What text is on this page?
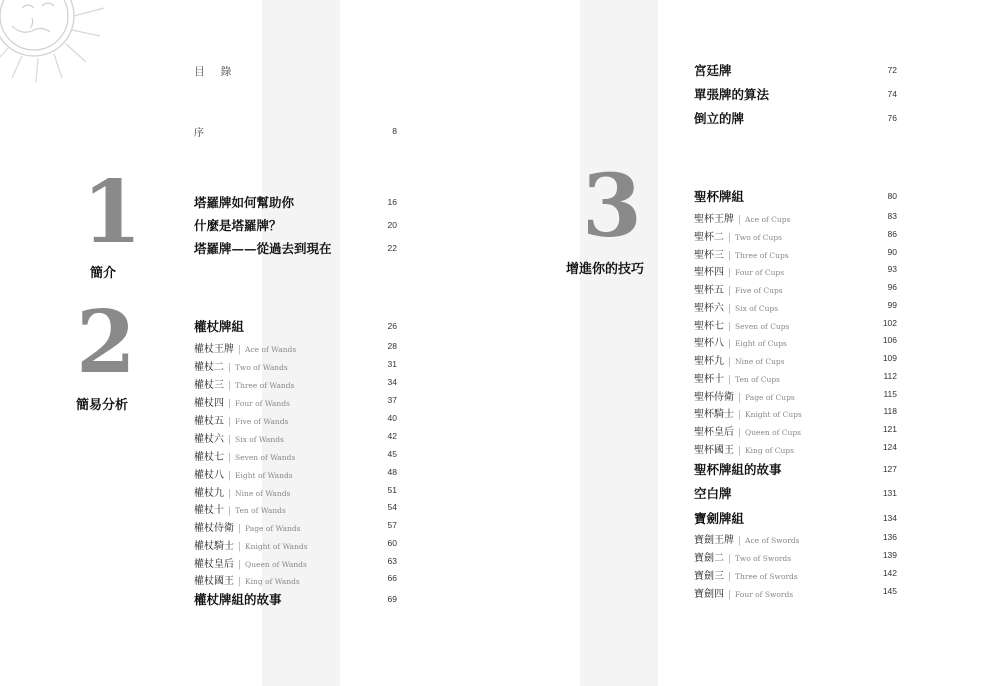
目 錄
序	8
1
簡介
2
簡易分析
3
增進你的技巧
塔羅牌如何幫助你	16
什麼是塔羅牌？	20
塔羅牌——從過去到現在	22
權杖牌組	26
權杖王牌 | Ace of Wands	28
權杖二 | Two of Wands	31
權杖三 | Three of Wands	34
權杖四 | Four of Wands	37
權杖五 | Five of Wands	40
權杖六 | Six of Wands	42
權杖七 | Seven of Wands	45
權杖八 | Eight of Wands	48
權杖九 | Nine of Wands	51
權杖十 | Ten of Wands	54
權杖侍衛 | Page of Wands	57
權杖騎士 | Knight of Wands	60
權杖皇后 | Queen of Wands	63
權杖國王 | King of Wands	66
權杖牌組的故事	69
宮廷牌	72
單張牌的算法	74
倒立的牌	76
聖杯牌組	80
聖杯王牌 | Ace of Cups	83
聖杯二 | Two of Cups	86
聖杯三 | Three of Cups	90
聖杯四 | Four of Cups	93
聖杯五 | Five of Cups	96
聖杯六 | Six of Cups	99
聖杯七 | Seven of Cups	102
聖杯八 | Eight of Cups	106
聖杯九 | Nine of Cups	109
聖杯十 | Ten of Cups	112
聖杯侍衛 | Page of Cups	115
聖杯騎士 | Knight of Cups	118
聖杯皇后 | Queen of Cups	121
聖杯國王 | King of Cups	124
聖杯牌組的故事	127
空白牌	131
寶劍牌組	134
寶劍王牌 | Ace of Swords	136
寶劍二 | Two of Swords	139
寶劍三 | Three of Swords	142
寶劍四 | Four of Swords	145
